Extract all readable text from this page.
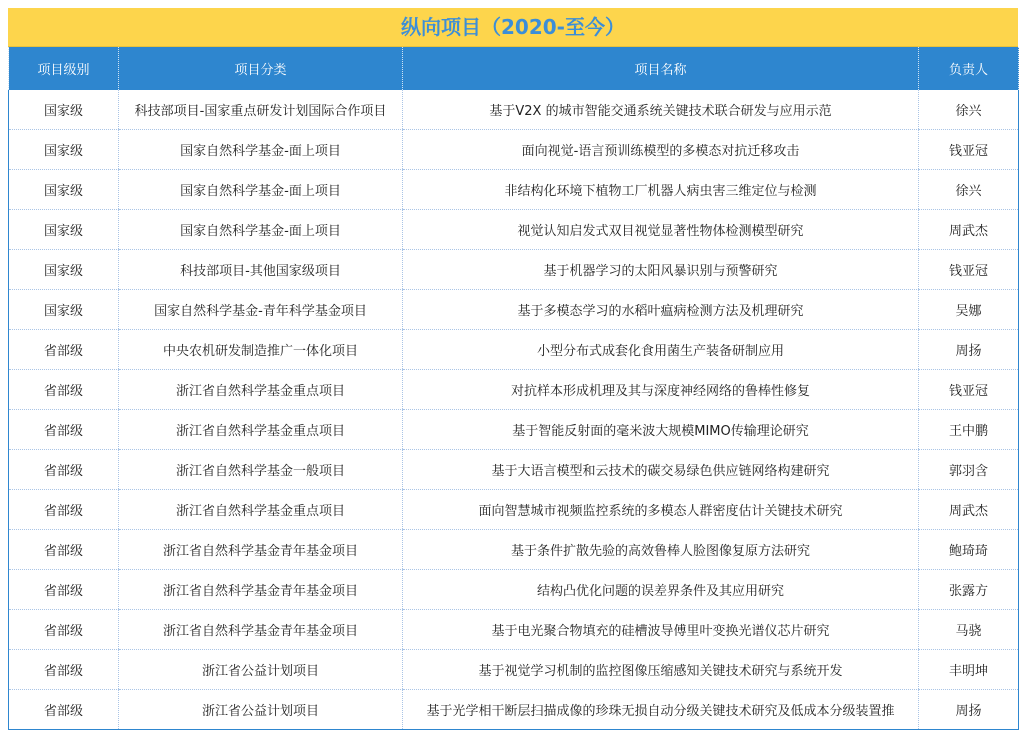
纵向项目（2020-至今）
项目级别	项目分类	项目名称	负责人
国家级	科技部项目-国家重点研发计划国际合作项目	基于V2X 的城市智能交通系统关键技术联合研发与应用示范	徐兴
国家级	国家自然科学基金-面上项目	面向视觉-语言预训练模型的多模态对抗迁移攻击	钱亚冠
国家级	国家自然科学基金-面上项目	非结构化环境下植物工厂机器人病虫害三维定位与检测	徐兴
国家级	国家自然科学基金-面上项目	视觉认知启发式双目视觉显著性物体检测模型研究	周武杰
国家级	科技部项目-其他国家级项目	基于机器学习的太阳风暴识别与预警研究	钱亚冠
国家级	国家自然科学基金-青年科学基金项目	基于多模态学习的水稻叶瘟病检测方法及机理研究	吴娜
省部级	中央农机研发制造推广一体化项目	小型分布式成套化食用菌生产装备研制应用	周扬
省部级	浙江省自然科学基金重点项目	对抗样本形成机理及其与深度神经网络的鲁棒性修复	钱亚冠
省部级	浙江省自然科学基金重点项目	基于智能反射面的毫米波大规模MIMO传输理论研究	王中鹏
省部级	浙江省自然科学基金一般项目	基于大语言模型和云技术的碳交易绿色供应链网络构建研究	郭羽含
省部级	浙江省自然科学基金重点项目	面向智慧城市视频监控系统的多模态人群密度估计关键技术研究	周武杰
省部级	浙江省自然科学基金青年基金项目	基于条件扩散先验的高效鲁棒人脸图像复原方法研究	鲍琦琦
省部级	浙江省自然科学基金青年基金项目	结构凸优化问题的误差界条件及其应用研究	张露方
省部级	浙江省自然科学基金青年基金项目	基于电光聚合物填充的硅槽波导傅里叶变换光谱仪芯片研究	马骁
省部级	浙江省公益计划项目	基于视觉学习机制的监控图像压缩感知关键技术研究与系统开发	丰明坤
省部级	浙江省公益计划项目	基于光学相干断层扫描成像的珍珠无损自动分级关键技术研究及低成本分级装置推	周扬
